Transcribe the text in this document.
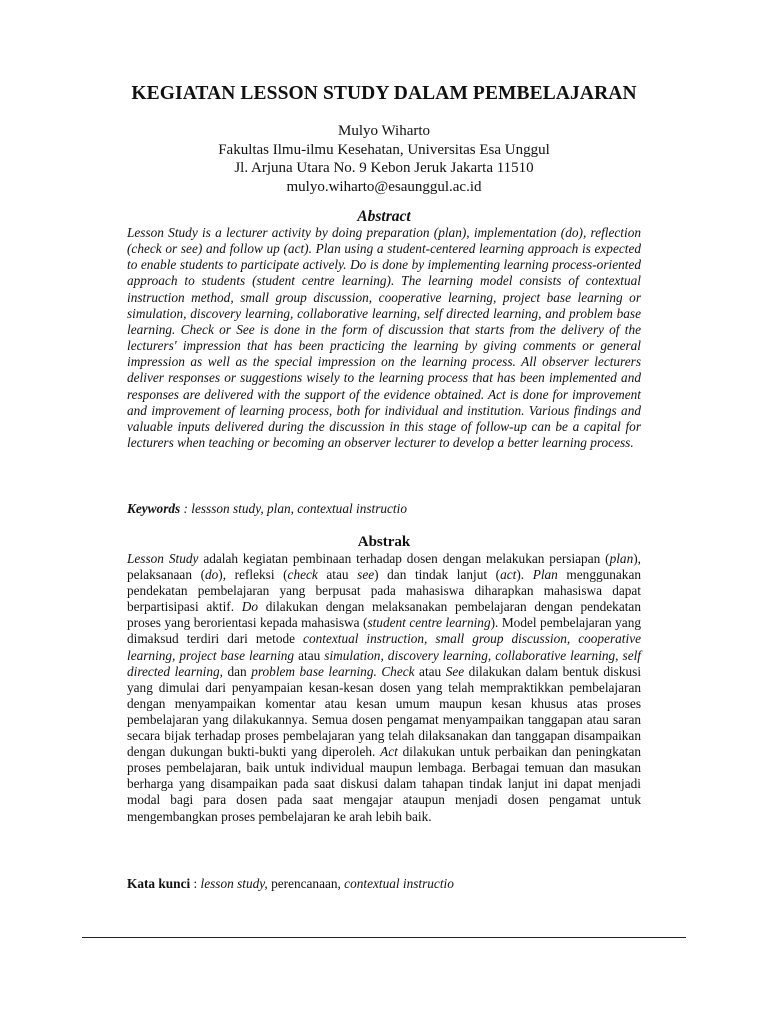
KEGIATAN LESSON STUDY DALAM PEMBELAJARAN
Mulyo Wiharto
Fakultas Ilmu-ilmu Kesehatan, Universitas Esa Unggul
Jl. Arjuna Utara No. 9 Kebon Jeruk Jakarta 11510
mulyo.wiharto@esaunggul.ac.id
Abstract
Lesson Study is a lecturer activity by doing preparation (plan), implementation (do), reflection (check or see) and follow up (act). Plan using a student-centered learning approach is expected to enable students to participate actively. Do is done by implementing learning process-oriented approach to students (student centre learning). The learning model consists of contextual instruction method, small group discussion, cooperative learning, project base learning or simulation, discovery learning, collaborative learning, self directed learning, and problem base learning. Check or See is done in the form of discussion that starts from the delivery of the lecturers' impression that has been practicing the learning by giving comments or general impression as well as the special impression on the learning process. All observer lecturers deliver responses or suggestions wisely to the learning process that has been implemented and responses are delivered with the support of the evidence obtained. Act is done for improvement and improvement of learning process, both for individual and institution. Various findings and valuable inputs delivered during the discussion in this stage of follow-up can be a capital for lecturers when teaching or becoming an observer lecturer to develop a better learning process.
Keywords : lessson study, plan, contextual instructio
Abstrak
Lesson Study adalah kegiatan pembinaan terhadap dosen dengan melakukan persiapan (plan), pelaksanaan (do), refleksi (check atau see) dan tindak lanjut (act). Plan menggunakan pendekatan pembelajaran yang berpusat pada mahasiswa diharapkan mahasiswa dapat berpartisipasi aktif. Do dilakukan dengan melaksanakan pembelajaran dengan pendekatan proses yang berorientasi kepada mahasiswa (student centre learning). Model pembelajaran yang dimaksud terdiri dari metode contextual instruction, small group discussion, cooperative learning, project base learning atau simulation, discovery learning, collaborative learning, self directed learning, dan problem base learning. Check atau See dilakukan dalam bentuk diskusi yang dimulai dari penyampaian kesan-kesan dosen yang telah mempraktikkan pembelajaran dengan menyampaikan komentar atau kesan umum maupun kesan khusus atas proses pembelajaran yang dilakukannya. Semua dosen pengamat menyampaikan tanggapan atau saran secara bijak terhadap proses pembelajaran yang telah dilaksanakan dan tanggapan disampaikan dengan dukungan bukti-bukti yang diperoleh. Act dilakukan untuk perbaikan dan peningkatan proses pembelajaran, baik untuk individual maupun lembaga. Berbagai temuan dan masukan berharga yang disampaikan pada saat diskusi dalam tahapan tindak lanjut ini dapat menjadi modal bagi para dosen pada saat mengajar ataupun menjadi dosen pengamat untuk mengembangkan proses pembelajaran ke arah lebih baik.
Kata kunci : lesson study, perencanaan, contextual instructio
